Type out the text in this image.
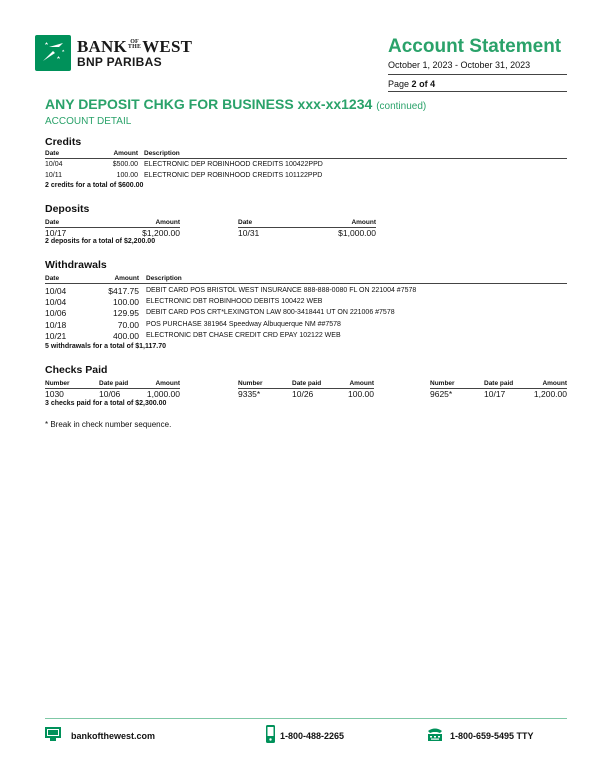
BANK OF
THEWEST
BNP PARIBAS
Account Statement
October 1, 2023 - October 31, 2023
Page 2 of 4
ANY DEPOSIT CHKG FOR BUSINESS xxx-xx1234 (continued)
ACCOUNT DETAIL
Credits
Date	Amount Description
10/04	$500.00 ELECTRONIC DEP ROBINHOOD CREDITS 100422PPD
10/11	100.00 ELECTRONIC DEP ROBINHOOD CREDITS 101122PPD
2 credits for a total of $600.00
Deposits
Date	Amount	Date	Amount
10/17	$1,200.00	10/31	$1,000.00
2 deposits for a total of $2,200.00
Withdrawals
Date	Amount Description
10/04	$417.75 DEBIT CARD POS BRISTOL WEST INSURANCE 888-888-0080 FL ON 221004 #7578
10/04	100.00 ELECTRONIC DBT ROBINHOOD DEBITS 100422 WEB
10/06	129.95 DEBIT CARD POS CRT*LEXINGTON LAW 800-3418441 UT ON 221006 #7578
10/18	70.00 POS PURCHASE 381964 Speedway Albuquerque NM ##7578
10/21	400.00 ELECTRONIC DBT CHASE CREDIT CRD EPAY 102122 WEB
5 withdrawals for a total of $1,117.70
Checks Paid
Number	Date paid	Amount	Number	Date paid	Amount	Number	Date paid	Amount
1030	10/06	1,000.00	9335*	10/26	100.00	9625*	10/17	1,200.00
3 checks paid for a total of $2,300.00
* Break in check number sequence.
bankofthewest.com	1-800-488-2265	1-800-659-5495 TTY
